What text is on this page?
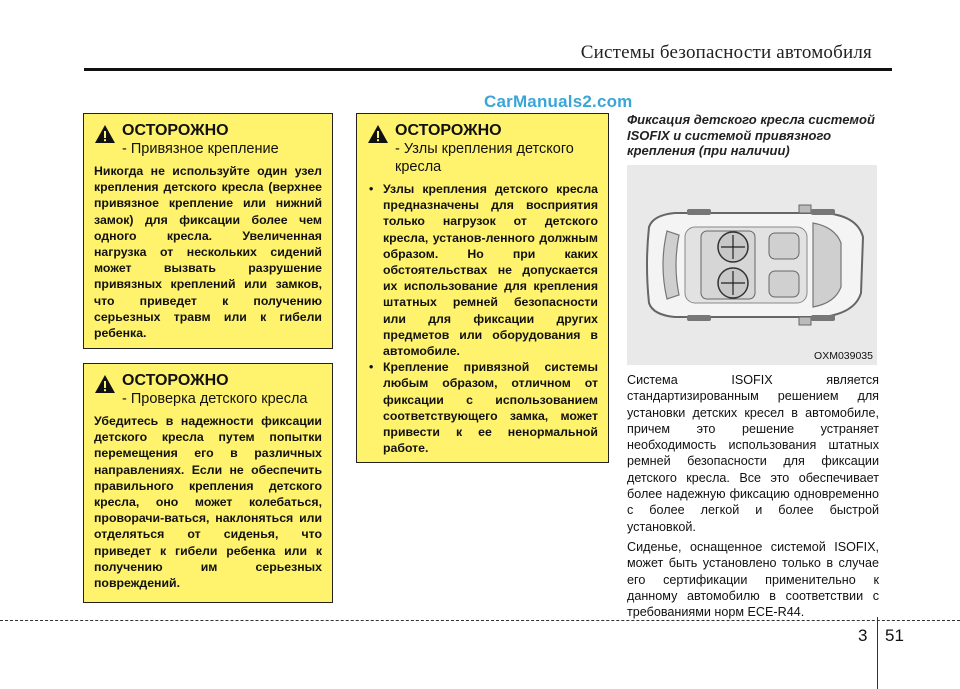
Системы безопасности автомобиля
CarManuals2.com
ОСТОРОЖНО
- Привязное крепление
Никогда не используйте один узел крепления детского кресла (верхнее привязное крепление или нижний замок) для фиксации более чем одного кресла. Увеличенная нагрузка от нескольких сидений может вызвать разрушение привязных креплений или замков, что приведет к получению серьезных травм или к гибели ребенка.
ОСТОРОЖНО
- Проверка детского кресла
Убедитесь в надежности фиксации детского кресла путем попытки перемещения его в различных направлениях. Если не обеспечить правильного крепления детского кресла, оно может колебаться, проворачи-ваться, наклоняться или отделяться от сиденья, что приведет к гибели ребенка или к получению им серьезных повреждений.
ОСТОРОЖНО
- Узлы крепления детского кресла
• Узлы крепления детского кресла предназначены для восприятия только нагрузок от детского кресла, установ-ленного должным образом. Но при каких обстоятельствах не допускается их использование для крепления штатных ремней безопасности или для фиксации других предметов или оборудования в автомобиле.
• Крепление привязной системы любым образом, отличном от фиксации с использованием соответствующего замка, может привести к ее ненормальной работе.
Фиксация детского кресла системой ISOFIX и системой привязного крепления (при наличии)
OXM039035

Система ISOFIX является стандартизированным решением для установки детских кресел в автомобиле, причем это решение устраняет необходимость использования штатных ремней безопасности для фиксации детского кресла. Все это обеспечивает более надежную фиксацию одновременно с более легкой и более быстрой установкой.

Сиденье, оснащенное системой ISOFIX, может быть установлено только в случае его сертификации применительно к данному автомобилю в соответствии с требованиями норм ECE-R44.

3 51
